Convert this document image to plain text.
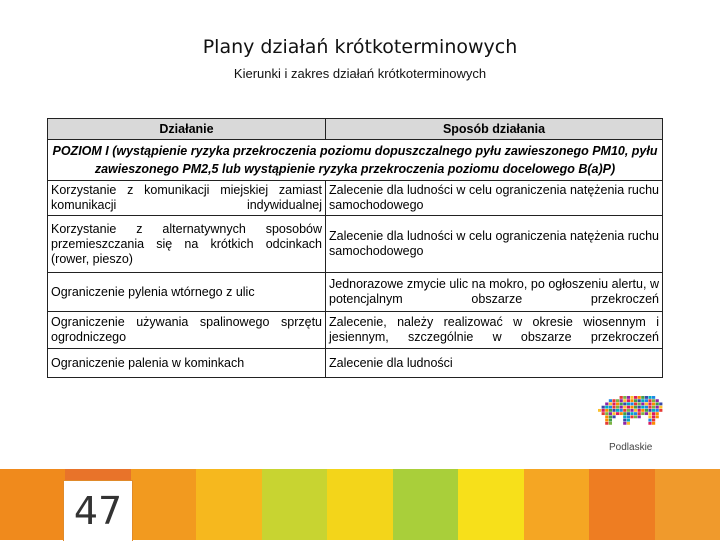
Plany działań krótkoterminowych
Kierunki i zakres działań krótkoterminowych
Działanie	Sposób działania
POZIOM I (wystąpienie ryzyka przekroczenia poziomu dopuszczalnego pyłu zawieszonego PM10, pyłu zawieszonego PM2,5 lub wystąpienie ryzyka przekroczenia poziomu docelowego B(a)P)	
Korzystanie z komunikacji miejskiej zamiast komunikacji indywidualnej	Zalecenie dla ludności w celu ograniczenia natężenia ruchu samochodowego
Korzystanie z alternatywnych sposobów przemieszczania się na krótkich odcinkach (rower, pieszo)	Zalecenie dla ludności w celu ograniczenia natężenia ruchu samochodowego
Ograniczenie pylenia wtórnego z ulic	Jednorazowe zmycie ulic na mokro, po ogłoszeniu alertu, w potencjalnym obszarze przekroczeń
Ograniczenie używania spalinowego sprzętu ogrodniczego	Zalecenie, należy realizować w okresie wiosennym i jesiennym, szczególnie w obszarze przekroczeń
Ograniczenie palenia w kominkach	Zalecenie dla ludności
Podlaskie
47
